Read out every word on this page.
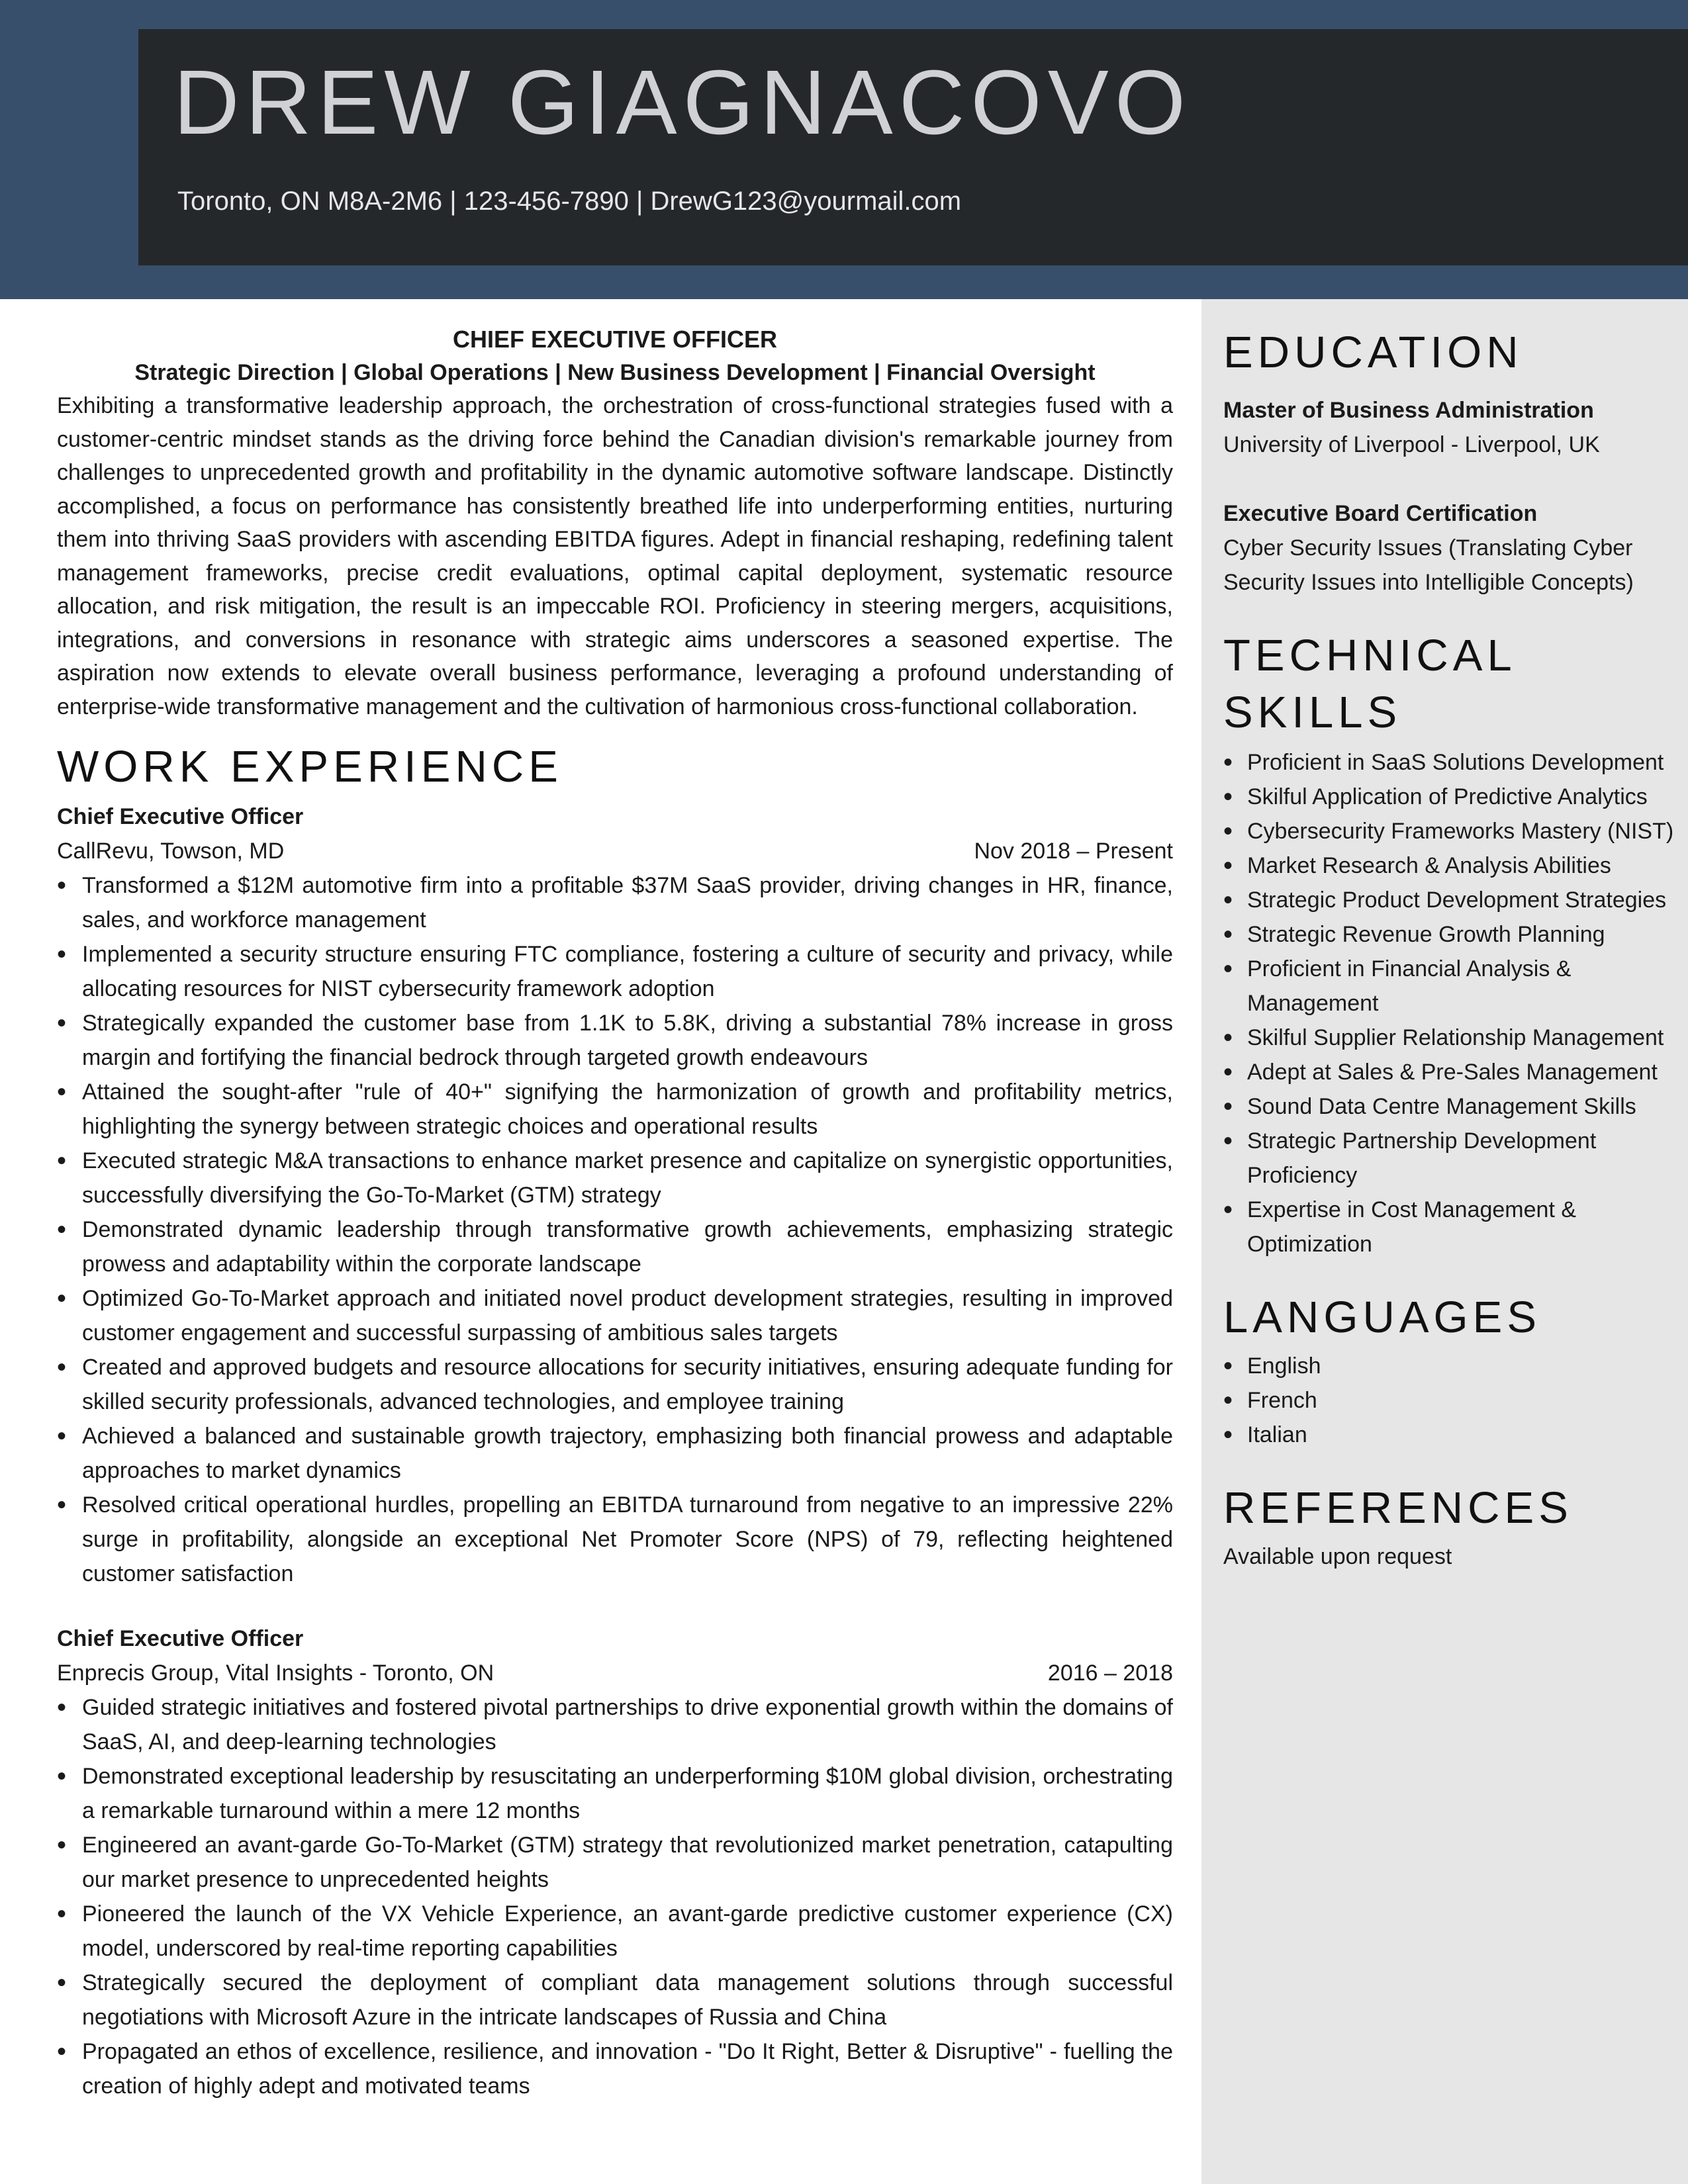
DREW GIAGNACOVO
Toronto, ON M8A-2M6 | 123-456-7890 | DrewG123@yourmail.com

CHIEF EXECUTIVE OFFICER

Strategic Direction | Global Operations | New Business Development | Financial Oversight

Exhibiting a transformative leadership approach, the orchestration of cross-functional strategies fused with a customer-centric mindset stands as the driving force behind the Canadian division's remarkable journey from challenges to unprecedented growth and profitability in the dynamic automotive software landscape. Distinctly accomplished, a focus on performance has consistently breathed life into underperforming entities, nurturing them into thriving SaaS providers with ascending EBITDA figures. Adept in financial reshaping, redefining talent management frameworks, precise credit evaluations, optimal capital deployment, systematic resource allocation, and risk mitigation, the result is an impeccable ROI. Proficiency in steering mergers, acquisitions, integrations, and conversions in resonance with strategic aims underscores a seasoned expertise. The aspiration now extends to elevate overall business performance, leveraging a profound understanding of enterprise-wide transformative management and the cultivation of harmonious cross-functional collaboration.

WORK EXPERIENCE
Chief Executive Officer
CallRevu, Towson, MD	Nov 2018 – Present
• Transformed a $12M automotive firm into a profitable $37M SaaS provider, driving changes in HR, finance, sales, and workforce management
• Implemented a security structure ensuring FTC compliance, fostering a culture of security and privacy, while allocating resources for NIST cybersecurity framework adoption
• Strategically expanded the customer base from 1.1K to 5.8K, driving a substantial 78% increase in gross margin and fortifying the financial bedrock through targeted growth endeavours
• Attained the sought-after "rule of 40+" signifying the harmonization of growth and profitability metrics, highlighting the synergy between strategic choices and operational results
• Executed strategic M&A transactions to enhance market presence and capitalize on synergistic opportunities, successfully diversifying the Go-To-Market (GTM) strategy
• Demonstrated dynamic leadership through transformative growth achievements, emphasizing strategic prowess and adaptability within the corporate landscape
• Optimized Go-To-Market approach and initiated novel product development strategies, resulting in improved customer engagement and successful surpassing of ambitious sales targets
• Created and approved budgets and resource allocations for security initiatives, ensuring adequate funding for skilled security professionals, advanced technologies, and employee training
• Achieved a balanced and sustainable growth trajectory, emphasizing both financial prowess and adaptable approaches to market dynamics
• Resolved critical operational hurdles, propelling an EBITDA turnaround from negative to an impressive 22% surge in profitability, alongside an exceptional Net Promoter Score (NPS) of 79, reflecting heightened customer satisfaction
Chief Executive Officer
Enprecis Group, Vital Insights - Toronto, ON	2016 – 2018
• Guided strategic initiatives and fostered pivotal partnerships to drive exponential growth within the domains of SaaS, AI, and deep-learning technologies
• Demonstrated exceptional leadership by resuscitating an underperforming $10M global division, orchestrating a remarkable turnaround within a mere 12 months
• Engineered an avant-garde Go-To-Market (GTM) strategy that revolutionized market penetration, catapulting our market presence to unprecedented heights
• Pioneered the launch of the VX Vehicle Experience, an avant-garde predictive customer experience (CX) model, underscored by real-time reporting capabilities
• Strategically secured the deployment of compliant data management solutions through successful negotiations with Microsoft Azure in the intricate landscapes of Russia and China
• Propagated an ethos of excellence, resilience, and innovation - "Do It Right, Better & Disruptive" - fuelling the creation of highly adept and motivated teams
EDUCATION
Master of Business Administration
University of Liverpool - Liverpool, UK
Executive Board Certification
Cyber Security Issues (Translating Cyber Security Issues into Intelligible Concepts)
TECHNICAL
SKILLS
• Proficient in SaaS Solutions Development
• Skilful Application of Predictive Analytics
• Cybersecurity Frameworks Mastery (NIST)
• Market Research & Analysis Abilities
• Strategic Product Development Strategies
• Strategic Revenue Growth Planning
• Proficient in Financial Analysis & Management
• Skilful Supplier Relationship Management
• Adept at Sales & Pre-Sales Management
• Sound Data Centre Management Skills
• Strategic Partnership Development Proficiency
• Expertise in Cost Management & Optimization
LANGUAGES
• English
• French
• Italian
REFERENCES
Available upon request
